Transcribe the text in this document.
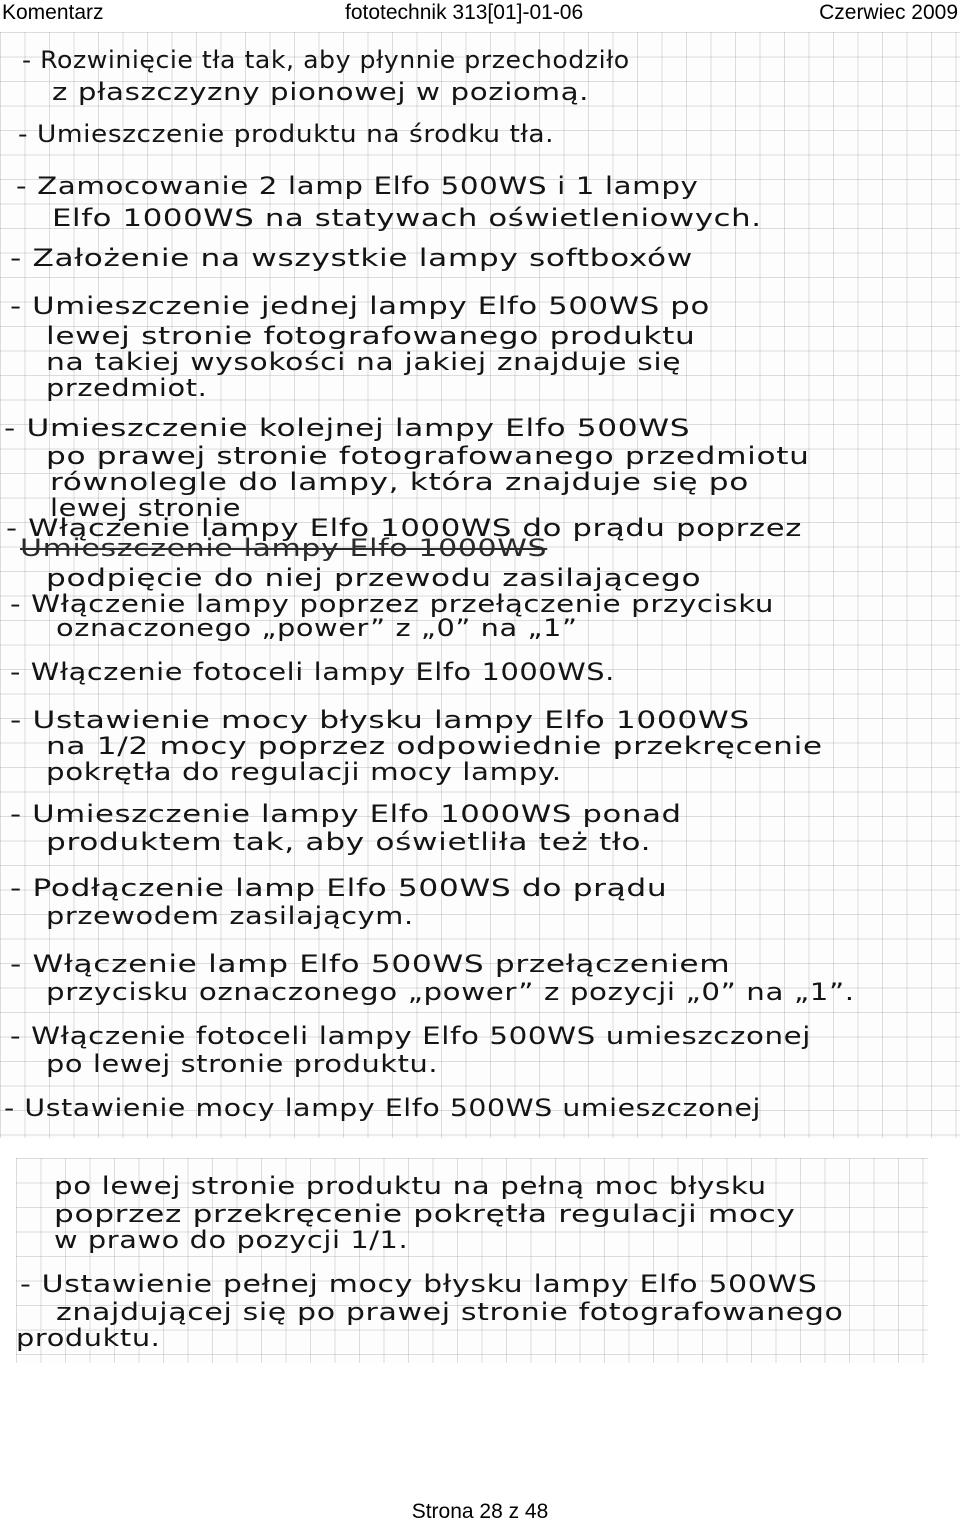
Komentarz	fototechnik 313[01]-01-06	Czerwiec 2009
- Rozwinięcie tła tak, aby płynnie przechodziło
z płaszczyzny pionowej w poziomą.
- Umieszczenie produktu na środku tła.
- Zamocowanie 2 lamp Elfo 500WS i 1 lampy
Elfo 1000WS na statywach oświetleniowych.
- Założenie na wszystkie lampy softboxów
- Umieszczenie jednej lampy Elfo 500WS po
lewej stronie fotografowanego produktu
na takiej wysokości na jakiej znajduje się
przedmiot.
- Umieszczenie kolejnej lampy Elfo 500WS
po prawej stronie fotografowanego przedmiotu
równolegle do lampy, która znajduje się po
lewej stronie
- Włączenie lampy Elfo 1000WS do prądu poprzez
Umieszczenie lampy Elfo 1000WS
podpięcie do niej przewodu zasilającego
- Włączenie lampy poprzez przełączenie przycisku
oznaczonego „power” z „0” na „1”
- Włączenie fotoceli lampy Elfo 1000WS.
- Ustawienie mocy błysku lampy Elfo 1000WS
na 1/2 mocy poprzez odpowiednie przekręcenie
pokrętła do regulacji mocy lampy.
- Umieszczenie lampy Elfo 1000WS ponad
produktem tak, aby oświetliła też tło.
- Podłączenie lamp Elfo 500WS do prądu
przewodem zasilającym.
- Włączenie lamp Elfo 500WS przełączeniem
przycisku oznaczonego „power” z pozycji „0” na „1”.
- Włączenie fotoceli lampy Elfo 500WS umieszczonej
po lewej stronie produktu.
- Ustawienie mocy lampy Elfo 500WS umieszczonej
po lewej stronie produktu na pełną moc błysku
poprzez przekręcenie pokrętła regulacji mocy
w prawo do pozycji 1/1.
- Ustawienie pełnej mocy błysku lampy Elfo 500WS
znajdującej się po prawej stronie fotografowanego
produktu.
Strona 28 z 48
